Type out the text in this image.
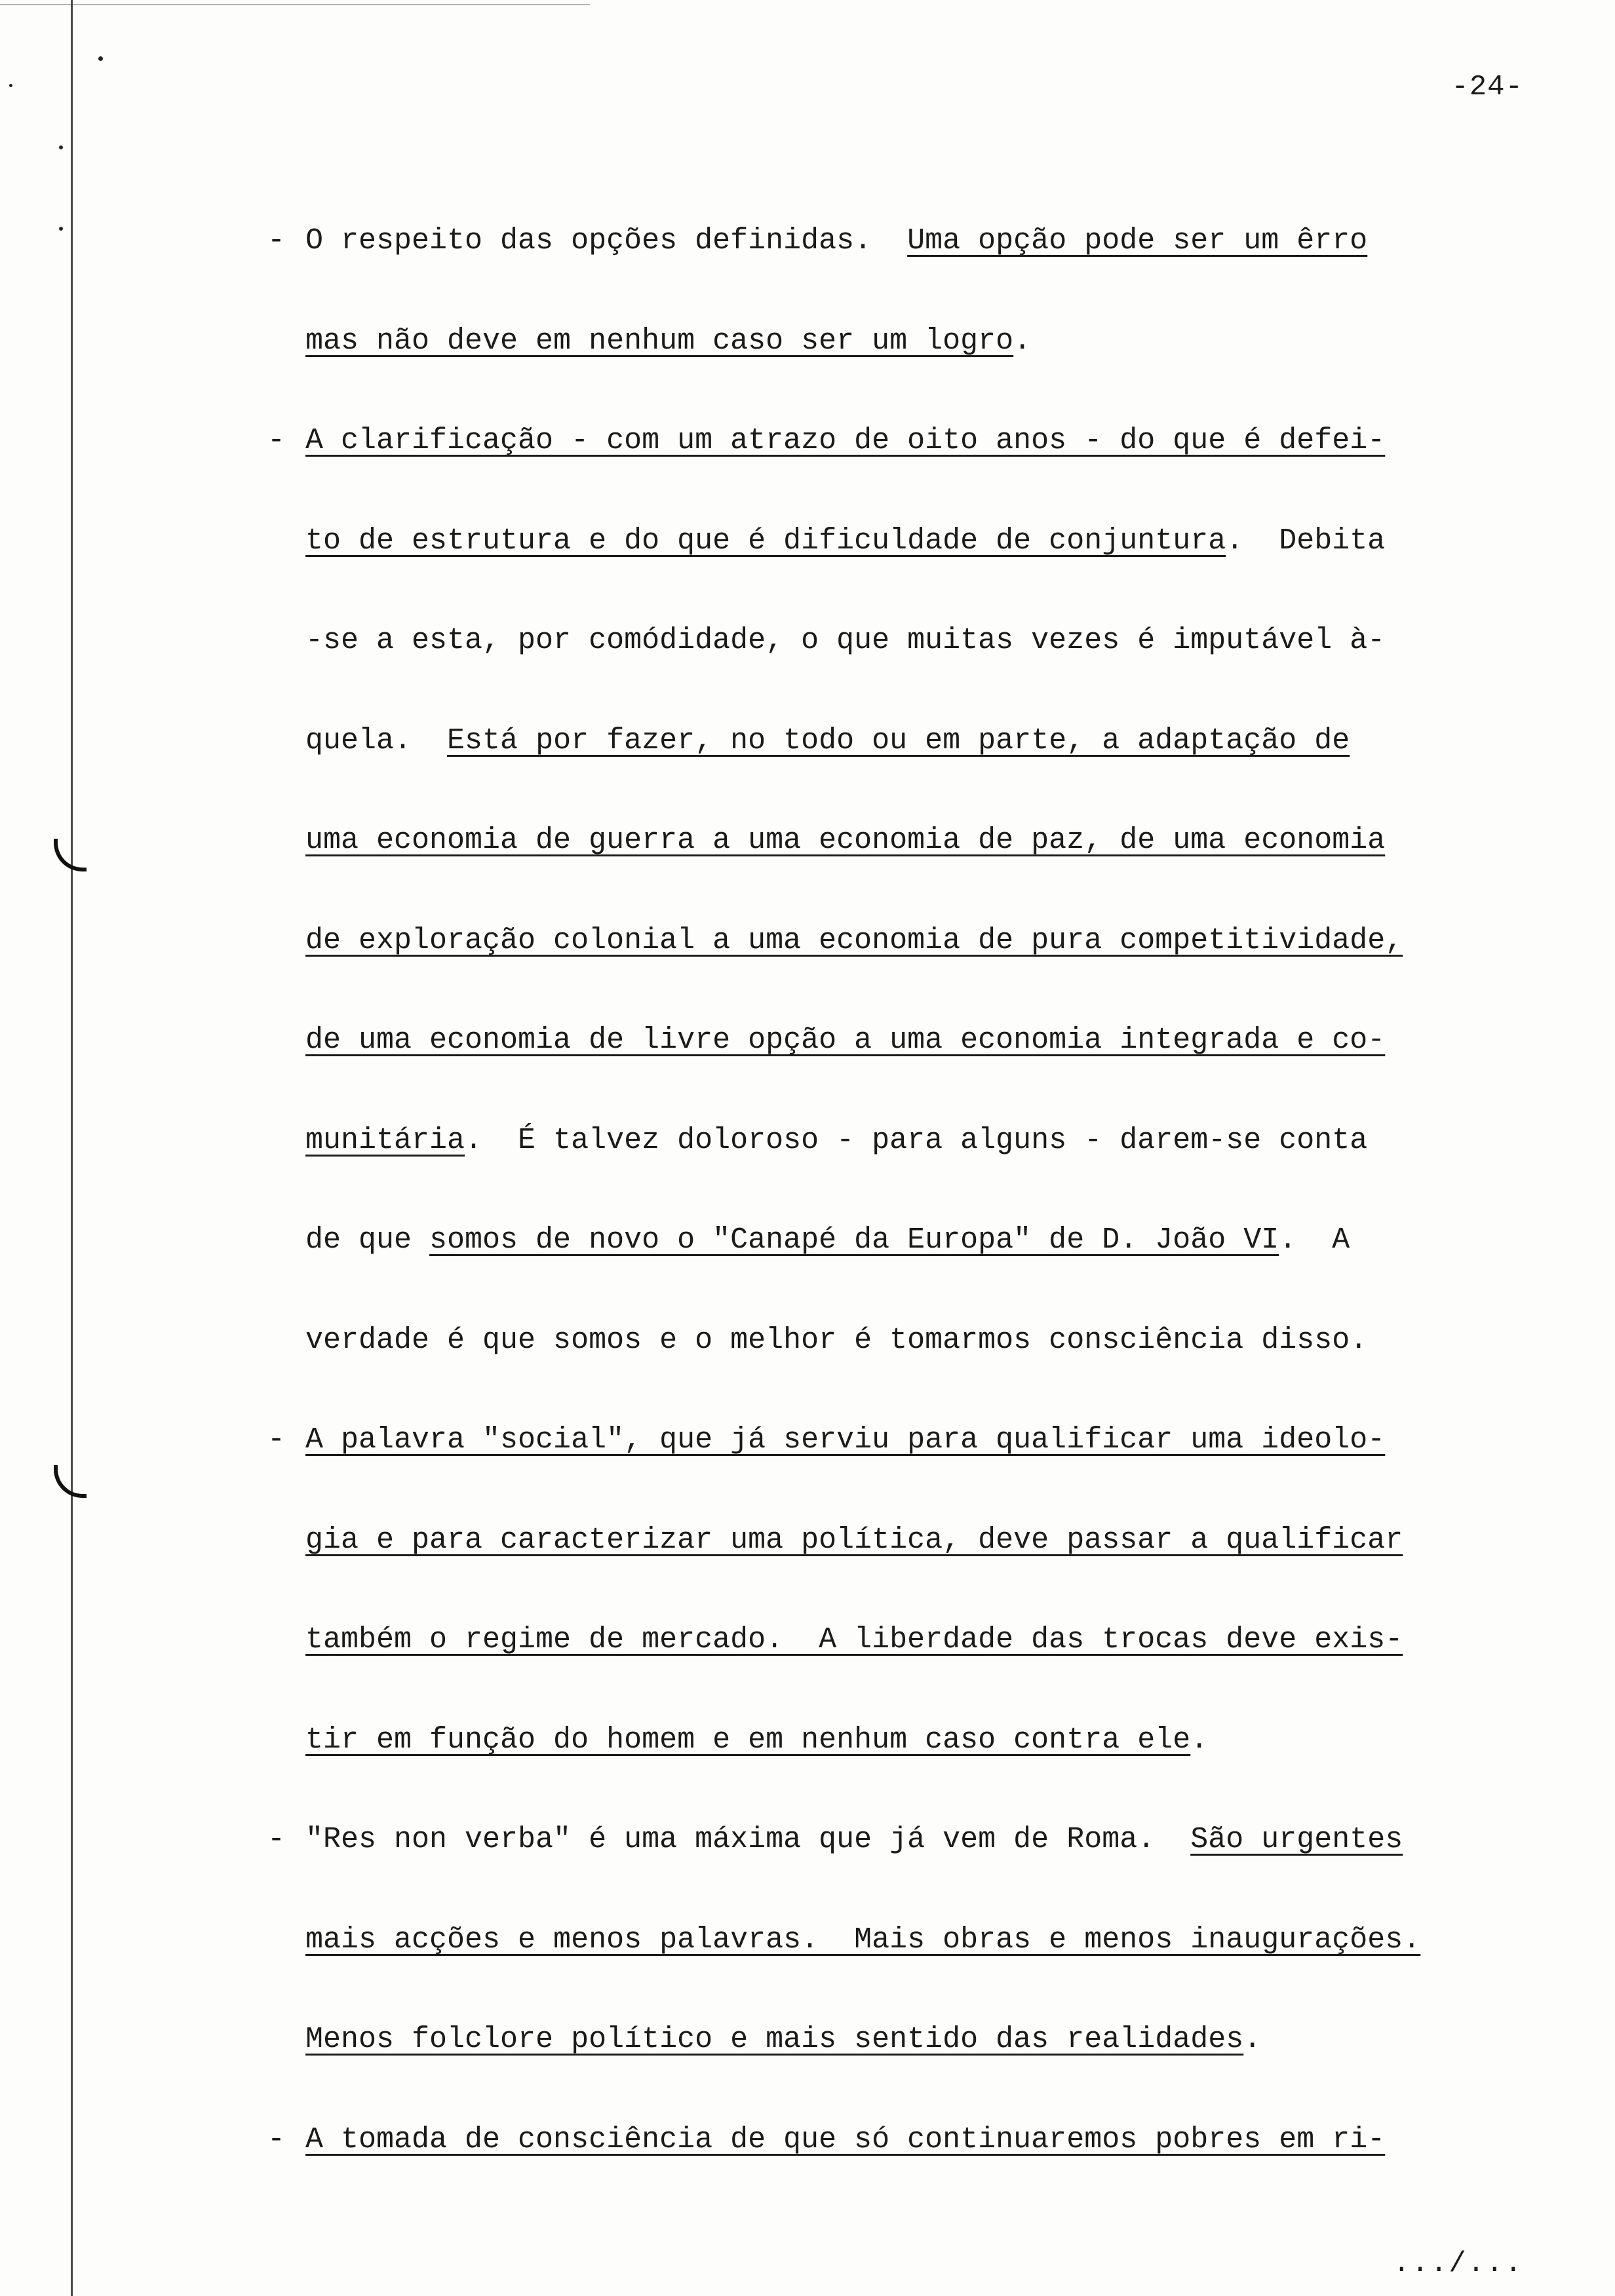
-24-
- O respeito das opções definidas.  Uma opção pode ser um êrro
mas não deve em nenhum caso ser um logro.
- A clarificação - com um atrazo de oito anos - do que é defei-
to de estrutura e do que é dificuldade de conjuntura.  Debita
-se a esta, por comódidade, o que muitas vezes é imputável à-
quela.  Está por fazer, no todo ou em parte, a adaptação de
uma economia de guerra a uma economia de paz, de uma economia
de exploração colonial a uma economia de pura competitividade,
de uma economia de livre opção a uma economia integrada e co-
munitária.  É talvez doloroso - para alguns - darem-se conta
de que somos de novo o "Canapé da Europa" de D. João VI.  A
verdade é que somos e o melhor é tomarmos consciência disso.
- A palavra "social", que já serviu para qualificar uma ideolo-
gia e para caracterizar uma política, deve passar a qualificar
também o regime de mercado.  A liberdade das trocas deve exis-
tir em função do homem e em nenhum caso contra ele.
- "Res non verba" é uma máxima que já vem de Roma.  São urgentes
mais acções e menos palavras.  Mais obras e menos inaugurações.
Menos folclore político e mais sentido das realidades.
- A tomada de consciência de que só continuaremos pobres em ri-
.../...
